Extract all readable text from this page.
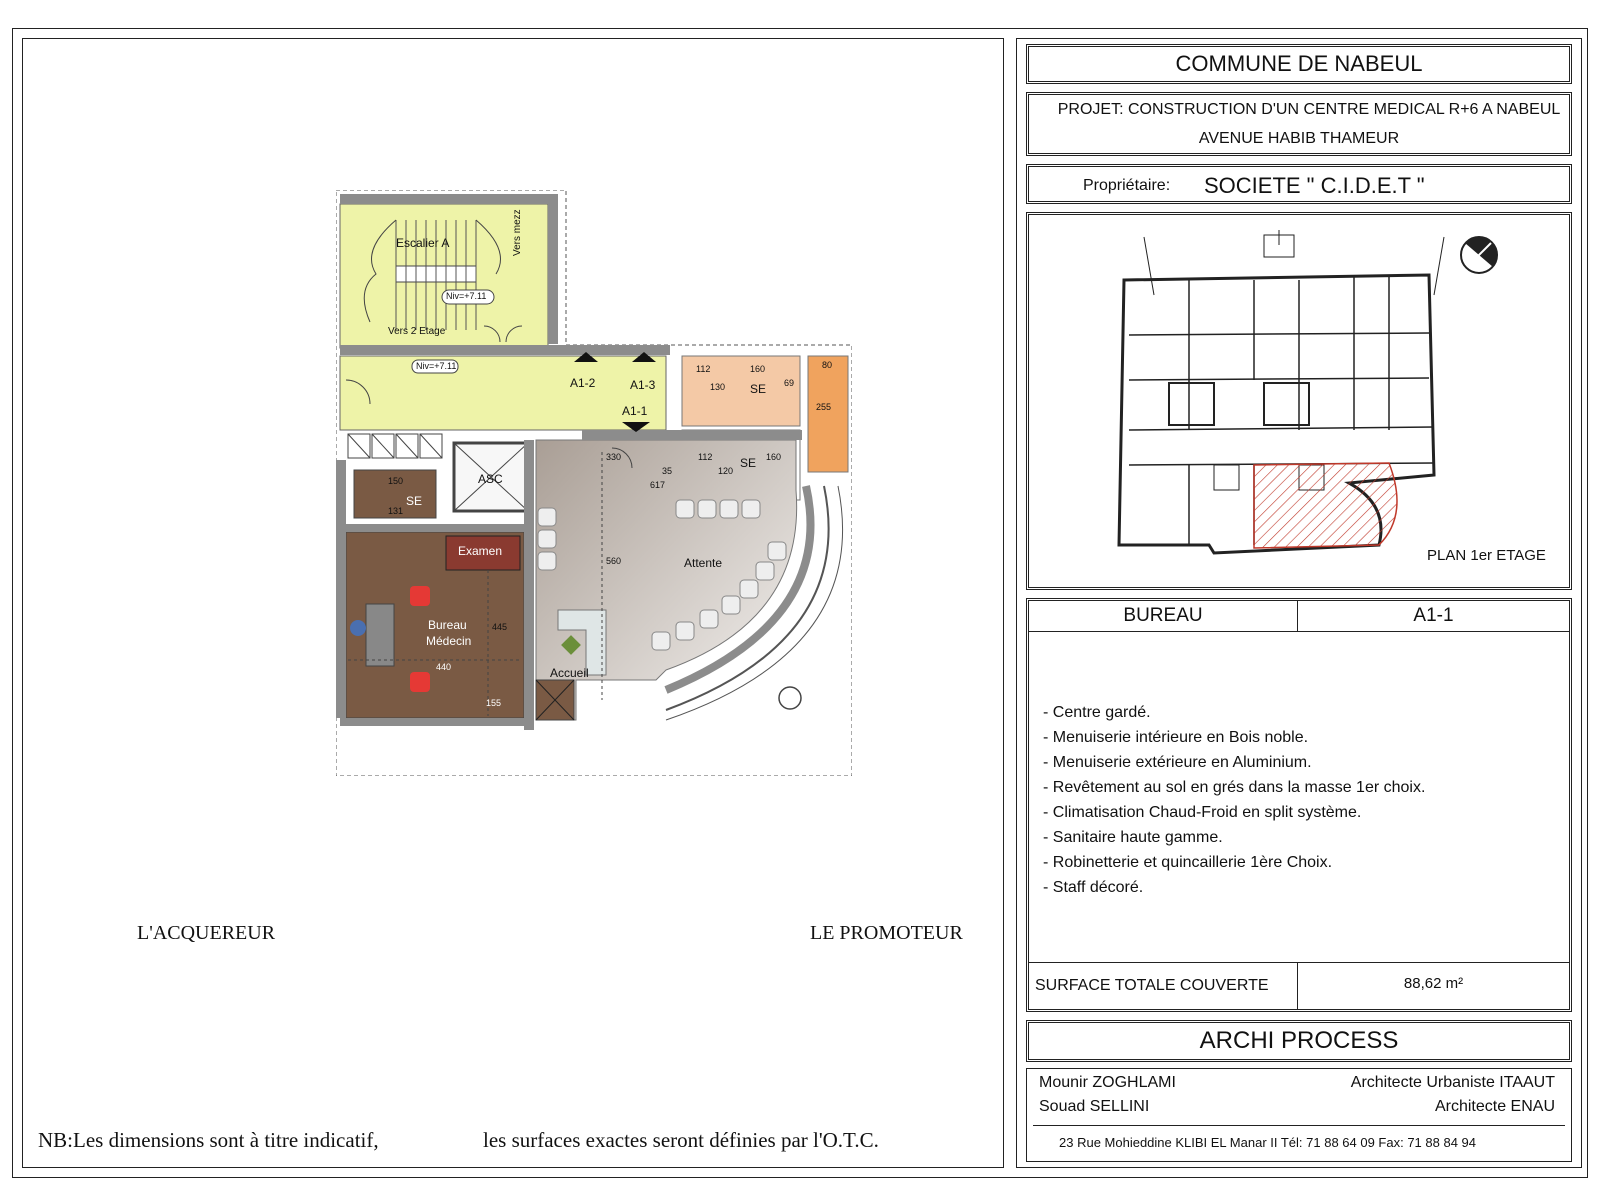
COMMUNE DE NABEUL
PROJET: CONSTRUCTION D'UN CENTRE MEDICAL R+6 A NABEUL
AVENUE HABIB THAMEUR
Propriétaire: SOCIETE " C.I.D.E.T "
PLAN 1er ETAGE
BUREAU	A1-1
- Centre gardé.
- Menuiserie intérieure en Bois noble.
- Menuiserie extérieure en Aluminium.
- Revêtement au sol en grés dans la masse 1er choix.
- Climatisation Chaud-Froid en split système.
- Sanitaire haute gamme.
- Robinetterie et quincaillerie 1ère Choix.
- Staff décoré.
SURFACE TOTALE COUVERTE	88,62 m²
ARCHI PROCESS
Mounir ZOGHLAMI	Architecte Urbaniste ITAAUT
Souad SELLINI	Architecte ENAU
23 Rue Mohieddine KLIBI EL Manar II Tél: 71 88 64 09 Fax: 71 88 84 94
L'ACQUEREUR	LE PROMOTEUR
NB:Les dimensions sont à titre indicatif,	les surfaces exactes seront définies par l'O.T.C.
Escalier A	Vers mezz
Niv=+7.11
Vers 2 Etage
Niv=+7.11
A1-2	A1-3
A1-1
SE
SE
SE
ASC
Examen
Bureau
Médecin
Attente
Accueil
112	160
130	69
80
255
112	160
120
35
330
617
560
131
150
445
440
155
